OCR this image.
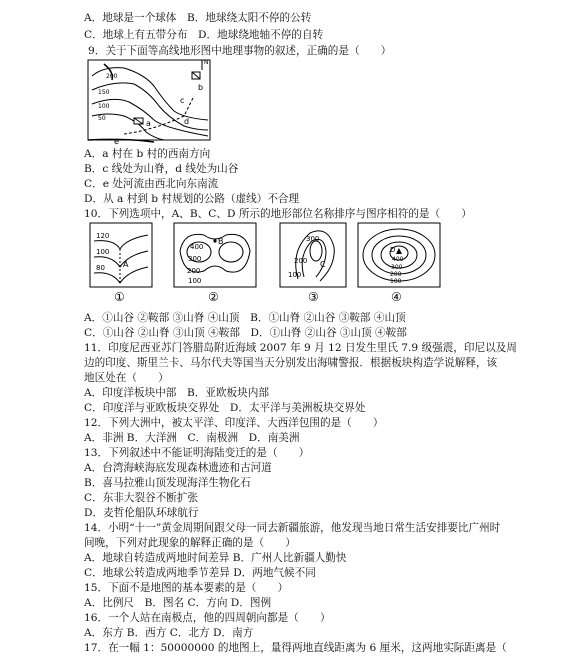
A．地球是一个球体　B．地球绕太阳不停的公转
C．地球上有五带分布　D．地球绕地轴不停的自转
9．关于下面等高线地形图中地理事物的叙述，正确的是（　　）
N
200
150
100
50
a
b
c
d
e
A．a 村在 b 村的西南方向
B．c 线处为山脊，d 线处为山谷
C．e 处河流由西北向东南流
D．从 a 村到 b 村规划的公路（虚线）不合理
10．下列选项中，A、B、C、D 所示的地形部位名称排序与图序相符的是（　　）
120
100
80 A
①
B
400
300
200
100
②
C
300
200
100
③
D
400
300
200
100
④
A．①山谷 ②鞍部 ③山脊 ④山顶　B．①山脊 ②山谷 ③鞍部 ④山顶
C．①山谷 ②山脊 ③山顶 ④鞍部　D．①山脊 ②山谷 ③山顶 ④鞍部
11．印度尼西亚苏门答腊岛附近海域 2007 年 9 月 12 日发生里氏 7.9 级强震，印尼以及周
边的印度、斯里兰卡、马尔代夫等国当天分别发出海啸警报．根据板块构造学说解释，该
地区处在（　　）
A．印度洋板块中部　B．亚欧板块内部
C．印度洋与亚欧板块交界处　D．太平洋与美洲板块交界处
12．下列大洲中，被太平洋、印度洋、大西洋包围的是（　　）
A．非洲 B．大洋洲　C．南极洲　D．南美洲
13．下列叙述中不能证明海陆变迁的是（　　）
A．台湾海峡海底发现森林遗迹和古河道
B．喜马拉雅山顶发现海洋生物化石
C．东非大裂谷不断扩张
D．麦哲伦船队环球航行
14．小明“十一”黄金周期间跟父母一同去新疆旅游，他发现当地日常生活安排要比广州时
间晚，下列对此现象的解释正确的是（　　）
A．地球自转造成两地时间差异 B．广州人比新疆人勤快
C．地球公转造成两地季节差异 D．两地气候不同
15．下面不是地图的基本要素的是（　　）
A．比例尺　B．图名 C．方向 D．图例
16．一个人站在南极点，他的四周朝向都是（　　）
A．东方 B．西方 C．北方 D．南方
17．在一幅 1：50000000 的地图上，量得两地直线距离为 6 厘米，这两地实际距离是（
